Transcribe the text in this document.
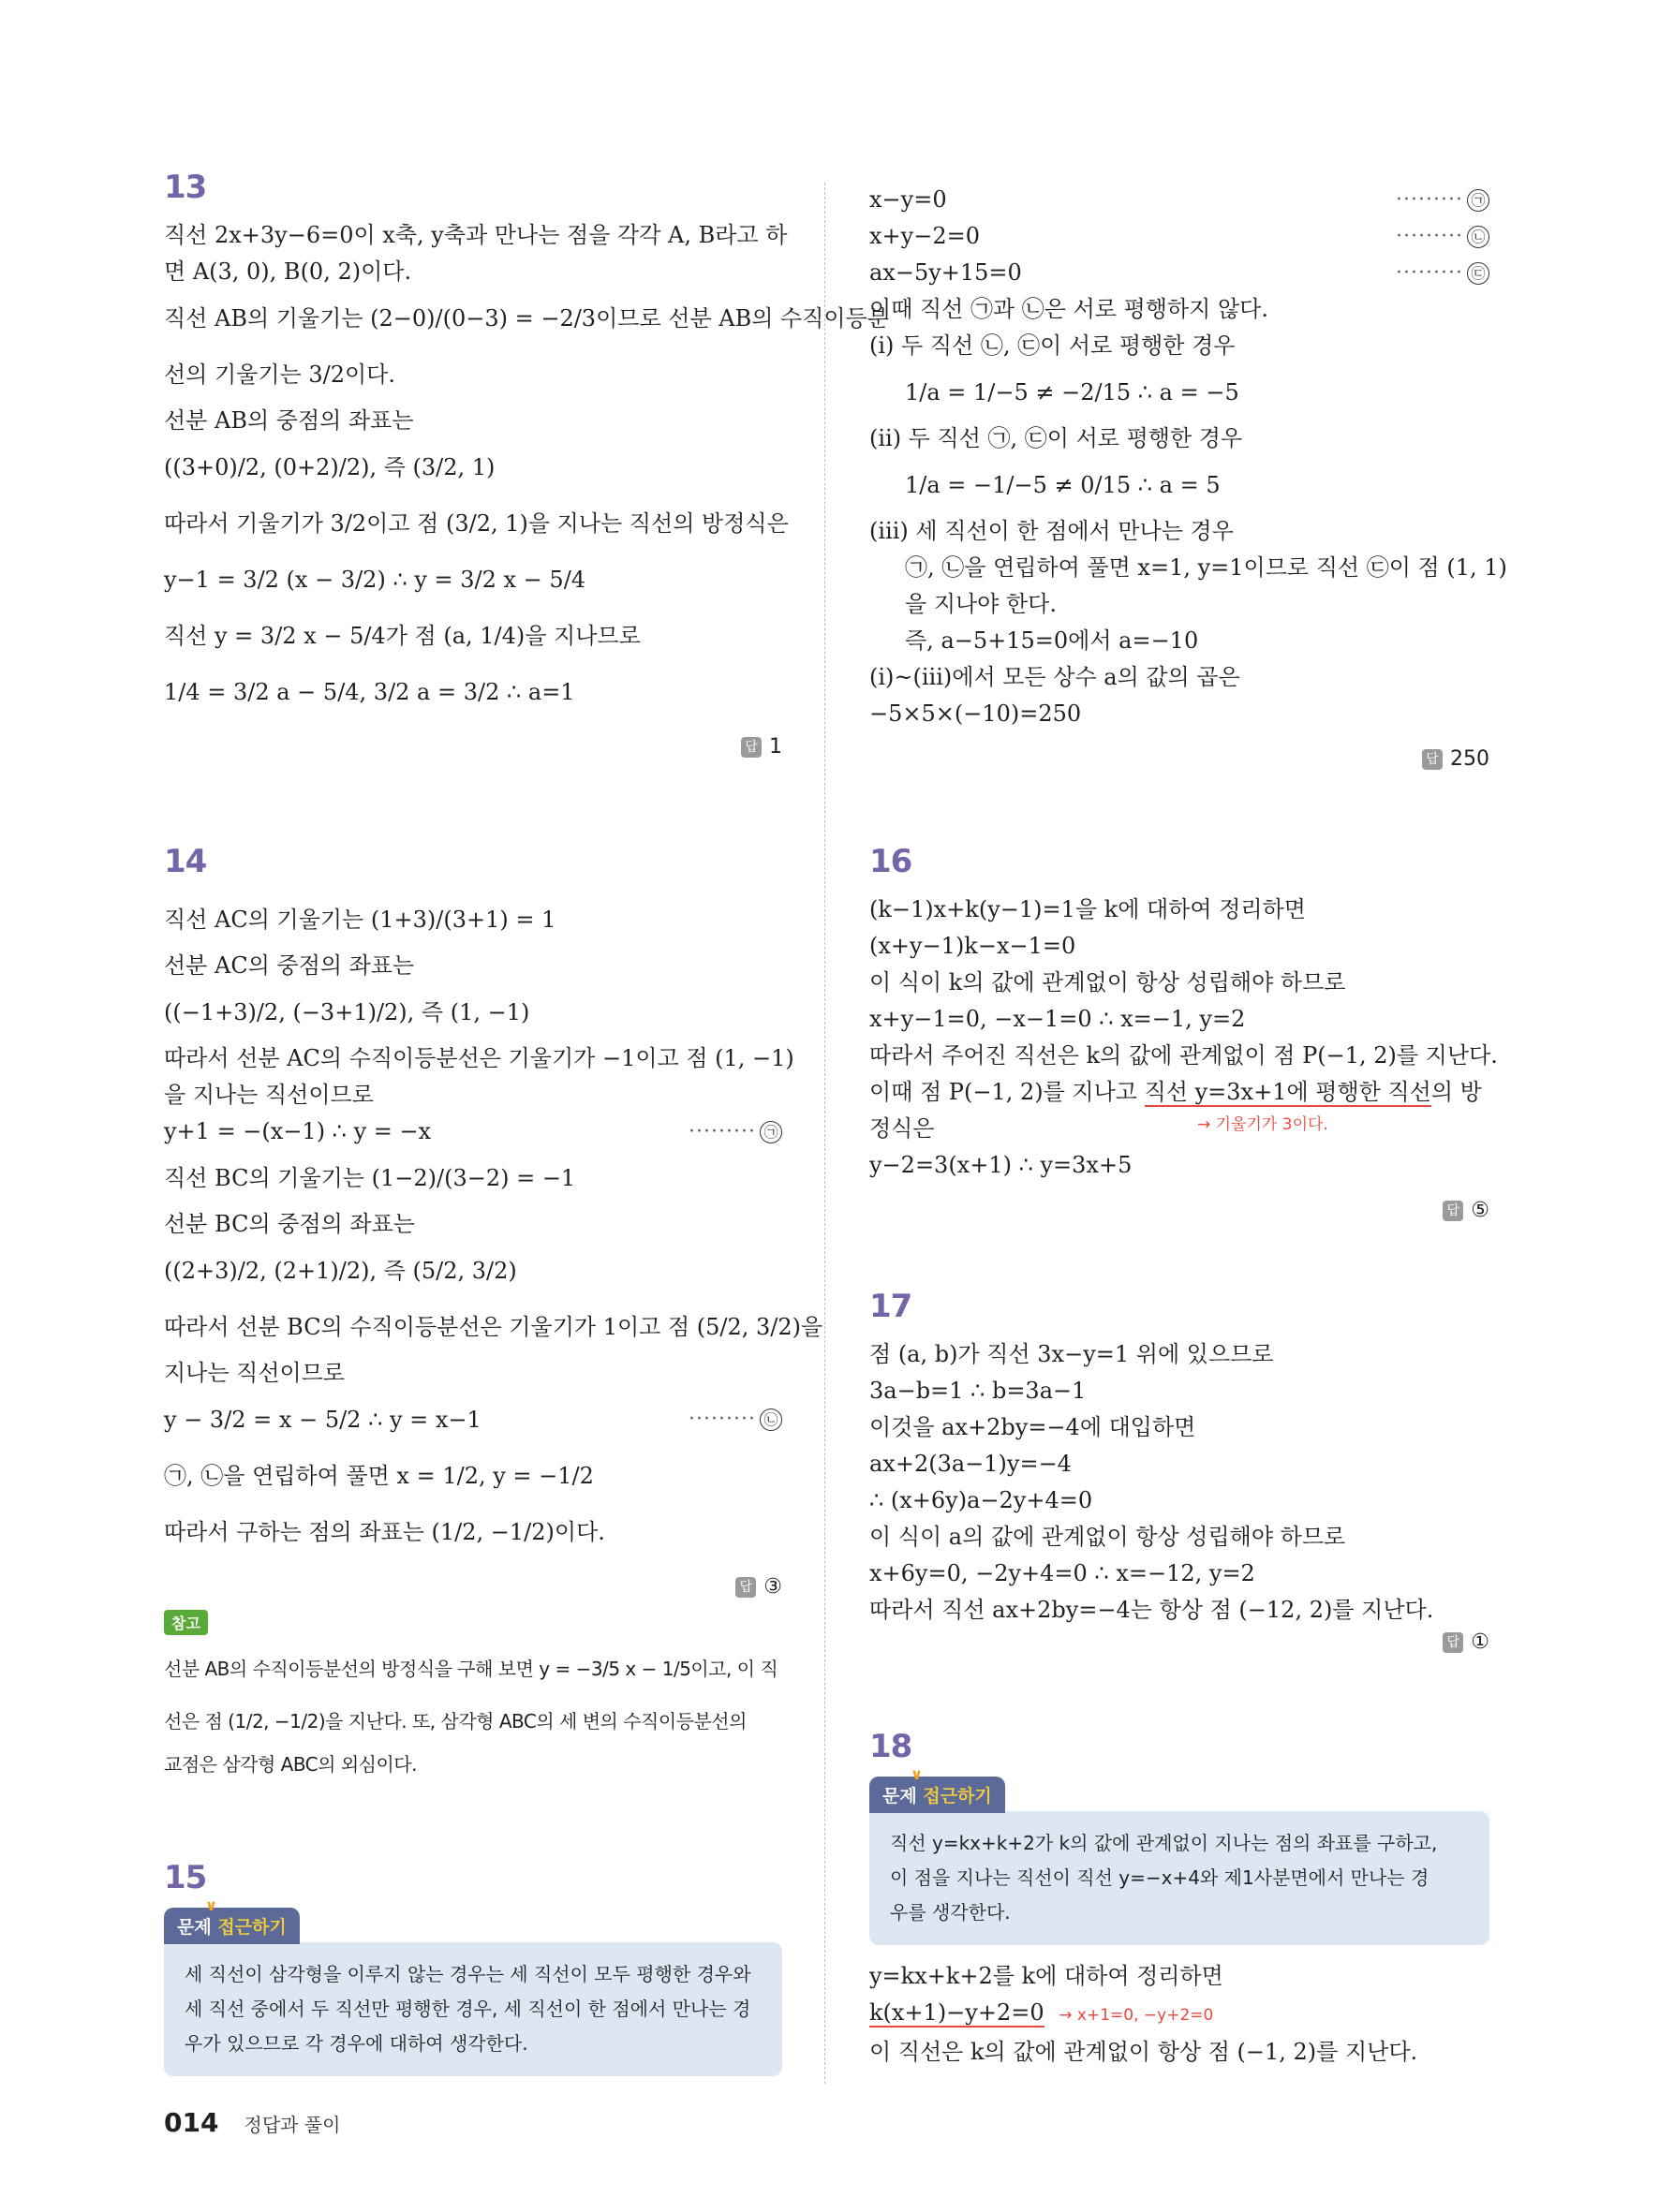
13
직선 2x+3y−6=0이 x축, y축과 만나는 점을 각각 A, B라고 하
면 A(3, 0), B(0, 2)이다.
직선 AB의 기울기는 (2−0)/(0−3) = −2/3이므로 선분 AB의 수직이등분
선의 기울기는 3/2이다.
선분 AB의 중점의 좌표는
((3+0)/2, (0+2)/2), 즉 (3/2, 1)
따라서 기울기가 3/2이고 점 (3/2, 1)을 지나는 직선의 방정식은
y−1 = 3/2 (x − 3/2) ∴ y = 3/2 x − 5/4
직선 y = 3/2 x − 5/4가 점 (a, 1/4)을 지나므로
1/4 = 3/2 a − 5/4, 3/2 a = 3/2 ∴ a=1
답 1
14
직선 AC의 기울기는 (1+3)/(3+1) = 1
선분 AC의 중점의 좌표는
((−1+3)/2, (−3+1)/2), 즉 (1, −1)
따라서 선분 AC의 수직이등분선은 기울기가 −1이고 점 (1, −1)
을 지나는 직선이므로
y+1 = −(x−1) ∴ y = −x	········· ㉠
직선 BC의 기울기는 (1−2)/(3−2) = −1
선분 BC의 중점의 좌표는
((2+3)/2, (2+1)/2), 즉 (5/2, 3/2)
따라서 선분 BC의 수직이등분선은 기울기가 1이고 점 (5/2, 3/2)을
지나는 직선이므로
y − 3/2 = x − 5/2 ∴ y = x−1	········· ㉡
㉠, ㉡을 연립하여 풀면 x = 1/2, y = −1/2
따라서 구하는 점의 좌표는 (1/2, −1/2)이다.
답 ③
참고
선분 AB의 수직이등분선의 방정식을 구해 보면 y = −3/5 x − 1/5이고, 이 직
선은 점 (1/2, −1/2)을 지난다. 또, 삼각형 ABC의 세 변의 수직이등분선의
교점은 삼각형 ABC의 외심이다.
15
∨
문제 접근하기
세 직선이 삼각형을 이루지 않는 경우는 세 직선이 모두 평행한 경우와
세 직선 중에서 두 직선만 평행한 경우, 세 직선이 한 점에서 만나는 경
우가 있으므로 각 경우에 대하여 생각한다.
x−y=0	········· ㉠
x+y−2=0	········· ㉡
ax−5y+15=0	········· ㉢
이때 직선 ㉠과 ㉡은 서로 평행하지 않다.
(ⅰ) 두 직선 ㉡, ㉢이 서로 평행한 경우
1/a = 1/−5 ≠ −2/15 ∴ a = −5
(ⅱ) 두 직선 ㉠, ㉢이 서로 평행한 경우
1/a = −1/−5 ≠ 0/15 ∴ a = 5
(ⅲ) 세 직선이 한 점에서 만나는 경우
㉠, ㉡을 연립하여 풀면 x=1, y=1이므로 직선 ㉢이 점 (1, 1)
을 지나야 한다.
즉, a−5+15=0에서 a=−10
(ⅰ)~(ⅲ)에서 모든 상수 a의 값의 곱은
−5×5×(−10)=250
답 250
16
(k−1)x+k(y−1)=1을 k에 대하여 정리하면
(x+y−1)k−x−1=0
이 식이 k의 값에 관계없이 항상 성립해야 하므로
x+y−1=0, −x−1=0 ∴ x=−1, y=2
따라서 주어진 직선은 k의 값에 관계없이 점 P(−1, 2)를 지난다.
이때 점 P(−1, 2)를 지나고 직선 y=3x+1에 평행한 직선의 방
정식은	→ 기울기가 3이다.
y−2=3(x+1) ∴ y=3x+5
답 ⑤
17
점 (a, b)가 직선 3x−y=1 위에 있으므로
3a−b=1 ∴ b=3a−1
이것을 ax+2by=−4에 대입하면
ax+2(3a−1)y=−4
∴ (x+6y)a−2y+4=0
이 식이 a의 값에 관계없이 항상 성립해야 하므로
x+6y=0, −2y+4=0 ∴ x=−12, y=2
따라서 직선 ax+2by=−4는 항상 점 (−12, 2)를 지난다.
답 ①
18
∨
문제 접근하기
직선 y=kx+k+2가 k의 값에 관계없이 지나는 점의 좌표를 구하고,
이 점을 지나는 직선이 직선 y=−x+4와 제1사분면에서 만나는 경
우를 생각한다.
y=kx+k+2를 k에 대하여 정리하면
k(x+1)−y+2=0 → x+1=0, −y+2=0
이 직선은 k의 값에 관계없이 항상 점 (−1, 2)를 지난다.
014 정답과 풀이
